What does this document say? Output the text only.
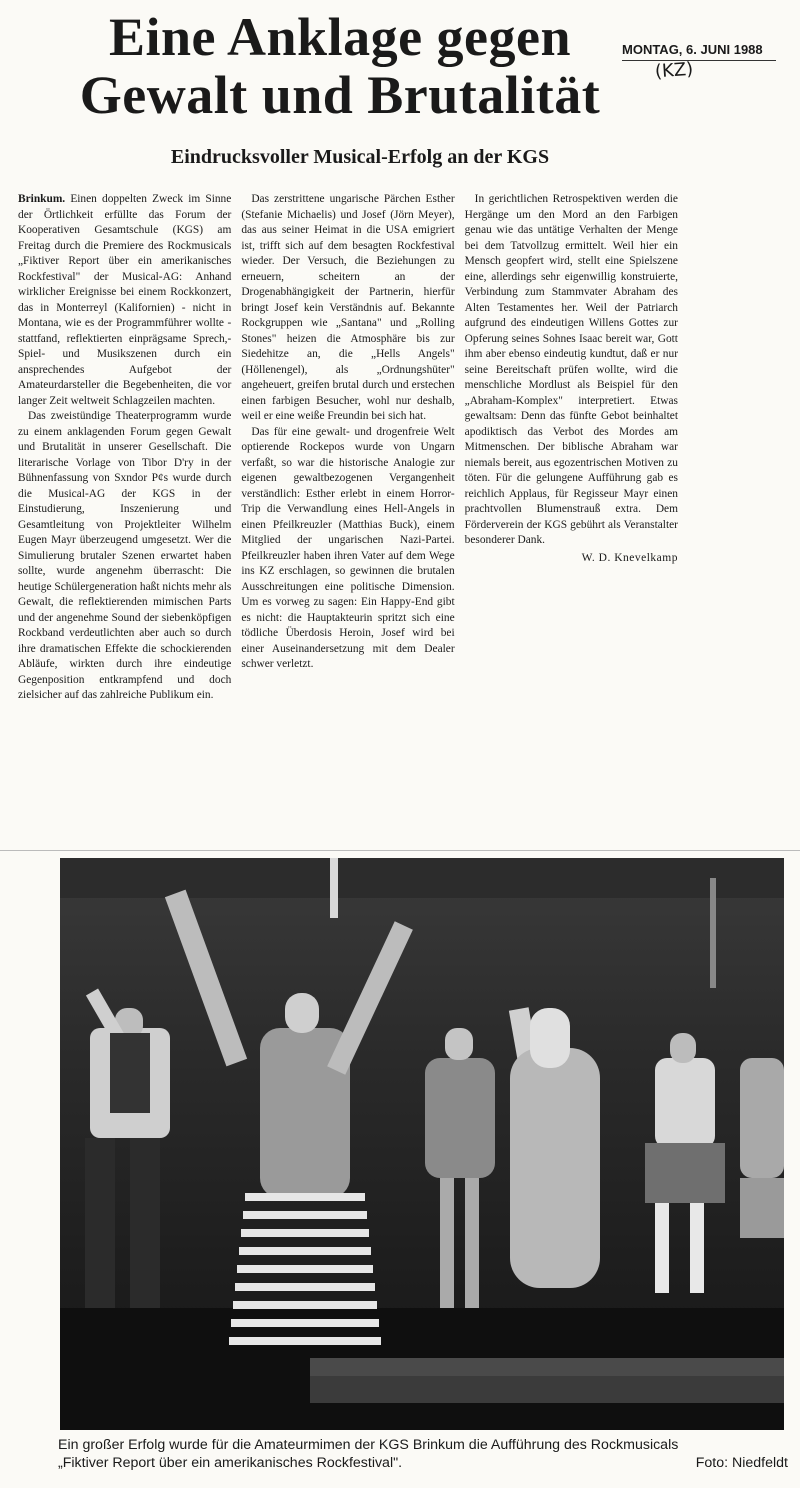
Eine Anklage gegen
Gewalt und Brutalität
MONTAG, 6. JUNI 1988
(KZ)
Eindrucksvoller Musical-Erfolg an der KGS

Brinkum. Einen doppelten Zweck im Sinne der Örtlichkeit erfüllte das Forum der Kooperativen Gesamtschule (KGS) am Freitag durch die Premiere des Rockmusicals „Fiktiver Report über ein amerikanisches Rockfestival" der Musical-AG: Anhand wirklicher Ereignisse bei einem Rockkonzert, das in Monterreyl (Kalifornien) - nicht in Montana, wie es der Programmführer wollte - stattfand, reflektierten einprägsame Sprech,- Spiel- und Musikszenen durch ein ansprechendes Aufgebot der Amateurdarsteller die Begebenheiten, die vor langer Zeit weltweit Schlagzeilen machten.

Das zweistündige Theaterprogramm wurde zu einem anklagenden Forum gegen Gewalt und Brutalität in unserer Gesellschaft. Die literarische Vorlage von Tibor D'ry in der Bühnenfassung von Sxndor P¢s wurde durch die Musical-AG der KGS in der Einstudierung, Inszenierung und Gesamtleitung von Projektleiter Wilhelm Eugen Mayr überzeugend umgesetzt. Wer die Simulierung brutaler Szenen erwartet haben sollte, wurde angenehm überrascht: Die heutige Schülergeneration haßt nichts mehr als Gewalt, die reflektierenden mimischen Parts und der angenehme Sound der siebenköpfigen Rockband verdeutlichten aber auch so durch ihre dramatischen Effekte die schockierenden Abläufe, wirkten durch ihre eindeutige Gegenposition entkrampfend und doch zielsicher auf das zahlreiche Publikum ein.

Das zerstrittene ungarische Pärchen Esther (Stefanie Michaelis) und Josef (Jörn Meyer), das aus seiner Heimat in die USA emigriert ist, trifft sich auf dem besagten Rockfestival wieder. Der Versuch, die Beziehungen zu erneuern, scheitern an der Drogenabhängigkeit der Partnerin, hierfür bringt Josef kein Verständnis auf. Bekannte Rockgruppen wie „Santana" und „Rolling Stones" heizen die Atmosphäre bis zur Siedehitze an, die „Hells Angels" (Höllenengel), als „Ordnungshüter" angeheuert, greifen brutal durch und erstechen einen farbigen Besucher, wohl nur deshalb, weil er eine weiße Freundin bei sich hat.

Das für eine gewalt- und drogenfreie Welt optierende Rockepos wurde von Ungarn verfaßt, so war die historische Analogie zur eigenen gewaltbezogenen Vergangenheit verständlich: Esther erlebt in einem Horror-Trip die Verwandlung eines Hell-Angels in einen Pfeilkreuzler (Matthias Buck), einem Mitglied der ungarischen Nazi-Partei. Pfeilkreuzler haben ihren Vater auf dem Wege ins KZ erschlagen, so gewinnen die brutalen Ausschreitungen eine politische Dimension. Um es vorweg zu sagen: Ein Happy-End gibt es nicht: die Hauptakteurin spritzt sich eine tödliche Überdosis Heroin, Josef wird bei einer Auseinandersetzung mit dem Dealer schwer verletzt.

In gerichtlichen Retrospektiven werden die Hergänge um den Mord an den Farbigen genau wie das untätige Verhalten der Menge bei dem Tatvollzug ermittelt. Weil hier ein Mensch geopfert wird, stellt eine Spielszene eine, allerdings sehr eigenwillig konstruierte, Verbindung zum Stammvater Abraham des Alten Testamentes her. Weil der Patriarch aufgrund des eindeutigen Willens Gottes zur Opferung seines Sohnes Isaac bereit war, Gott ihm aber ebenso eindeutig kundtut, daß er nur seine Bereitschaft prüfen wollte, wird die menschliche Mordlust als Beispiel für den „Abraham-Komplex" interpretiert. Etwas gewaltsam: Denn das fünfte Gebot beinhaltet apodiktisch das Verbot des Mordes am Mitmenschen. Der biblische Abraham war niemals bereit, aus egozentrischen Motiven zu töten. Für die gelungene Aufführung gab es reichlich Applaus, für Regisseur Mayr einen prachtvollen Blumenstrauß extra. Dem Förderverein der KGS gebührt als Veranstalter besonderer Dank.

W. D. Knevelkamp
Ein großer Erfolg wurde für die Amateurmimen der KGS Brinkum die Aufführung des Rockmusicals
„Fiktiver Report über ein amerikanisches Rockfestival".	Foto: Niedfeldt
